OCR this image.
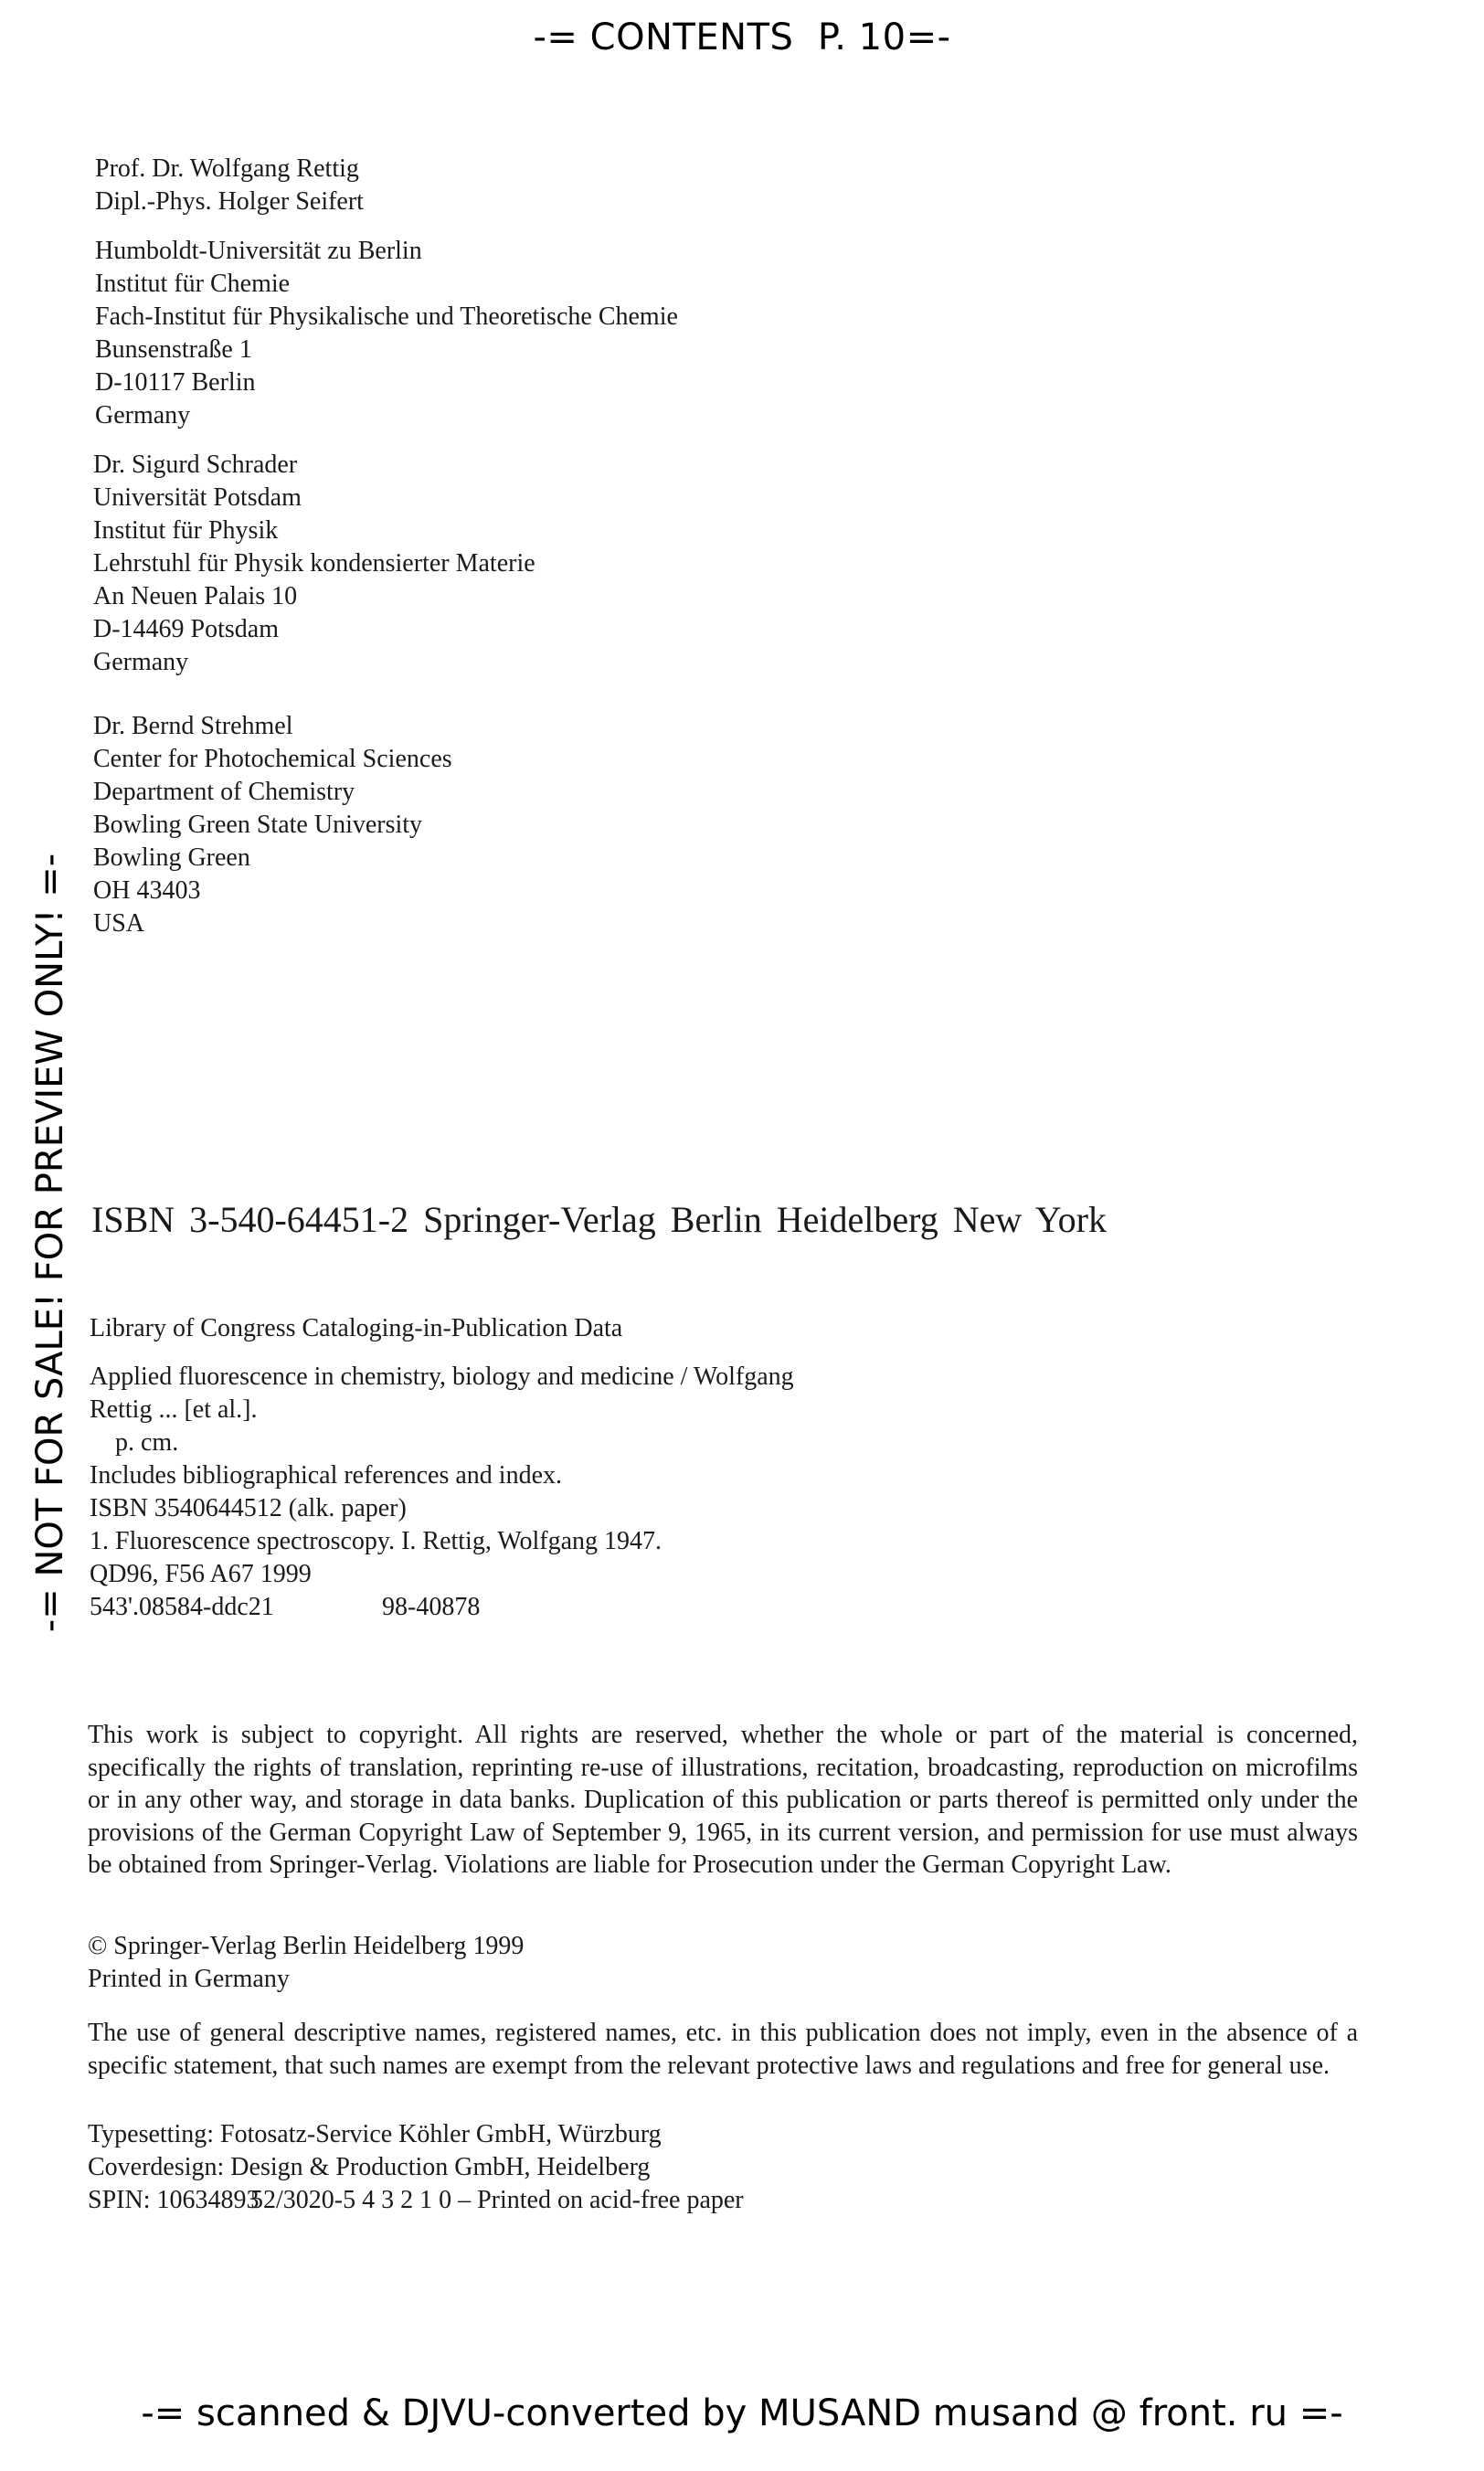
-= CONTENTS  P. 10=-
-= NOT FOR SALE! FOR PREVIEW ONLY! =-
Prof. Dr. Wolfgang Rettig
Dipl.-Phys. Holger Seifert
Humboldt-Universität zu Berlin
Institut für Chemie
Fach-Institut für Physikalische und Theoretische Chemie
Bunsenstraße 1
D-10117 Berlin
Germany
Dr. Sigurd Schrader
Universität Potsdam
Institut für Physik
Lehrstuhl für Physik kondensierter Materie
An Neuen Palais 10
D-14469 Potsdam
Germany
Dr. Bernd Strehmel
Center for Photochemical Sciences
Department of Chemistry
Bowling Green State University
Bowling Green
OH 43403
USA
ISBN 3-540-64451-2 Springer-Verlag Berlin Heidelberg New York
Library of Congress Cataloging-in-Publication Data
Applied fluorescence in chemistry, biology and medicine / Wolfgang
Rettig ... [et al.].
p. cm.
Includes bibliographical references and index.
ISBN 3540644512 (alk. paper)
1. Fluorescence spectroscopy. I. Rettig, Wolfgang 1947.
QD96, F56 A67 1999
543'.08584-ddc21	98-40878
This work is subject to copyright. All rights are reserved, whether the whole or part of the material is concerned, specifically the rights of translation, reprinting re-use of illustrations, recitation, broadcasting, reproduction on microfilms or in any other way, and storage in data banks. Duplication of this publication or parts thereof is permitted only under the provisions of the German Copyright Law of September 9, 1965, in its current version, and permission for use must always be obtained from Springer-Verlag. Violations are liable for Prosecution under the German Copyright Law.
© Springer-Verlag Berlin Heidelberg 1999
Printed in Germany
The use of general descriptive names, registered names, etc. in this publication does not imply, even in the absence of a specific statement, that such names are exempt from the relevant protective laws and regulations and free for general use.
Typesetting: Fotosatz-Service Köhler GmbH, Würzburg
Coverdesign: Design & Production GmbH, Heidelberg
SPIN: 10634893    52/3020-5 4 3 2 1 0 – Printed on acid-free paper
-= scanned & DJVU-converted by MUSAND musand @ front. ru =-
